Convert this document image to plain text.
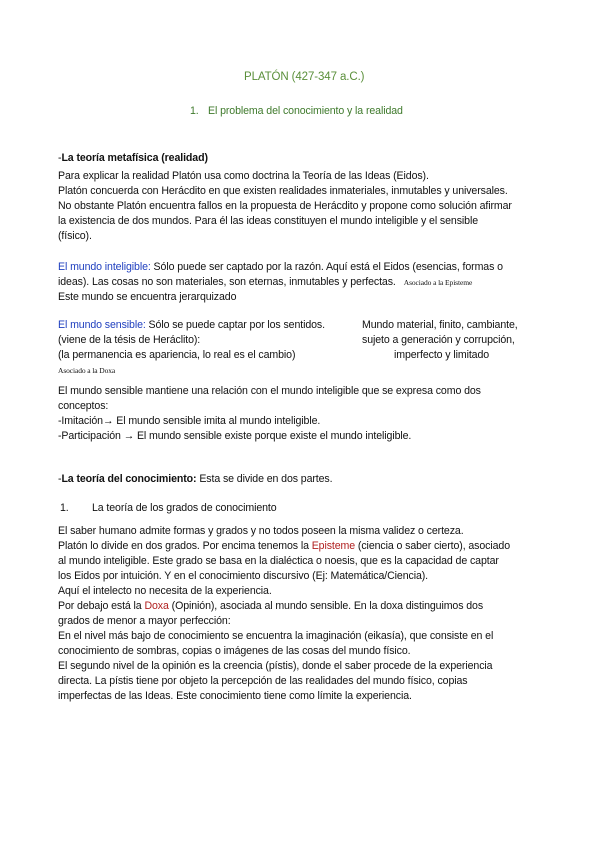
PLATÓN (427-347 a.C.)
1. El problema del conocimiento y la realidad
-La teoría metafísica (realidad)
Para explicar la realidad Platón usa como doctrina la Teoría de las Ideas (Eidos).
Platón concuerda con Herácdito en que existen realidades inmateriales, inmutables y universales.
No obstante Platón encuentra fallos en la propuesta de Herácdito y propone como solución afirmar
la existencia de dos mundos. Para él las ideas constituyen el mundo inteligible y el sensible
(físico).
El mundo inteligible: Sólo puede ser captado por la razón. Aquí está el Eidos (esencias, formas o
ideas). Las cosas no son materiales, son eternas, inmutables y perfectas. Asociado a la Episteme
Este mundo se encuentra jerarquizado
El mundo sensible: Sólo se puede captar por los sentidos.	Mundo material, finito, cambiante,
(viene de la tésis de Heráclito):	sujeto a generación y corrupción,
(la permanencia es apariencia, lo real es el cambio)	imperfecto y limitado
Asociado a la Doxa
El mundo sensible mantiene una relación con el mundo inteligible que se expresa como dos
conceptos:
-Imitación→ El mundo sensible imita al mundo inteligible.
-Participación → El mundo sensible existe porque existe el mundo inteligible.
-La teoría del conocimiento: Esta se divide en dos partes.
1. La teoría de los grados de conocimiento
El saber humano admite formas y grados y no todos poseen la misma validez o certeza.
Platón lo divide en dos grados. Por encima tenemos la Episteme (ciencia o saber cierto), asociado
al mundo inteligible. Este grado se basa en la dialéctica o noesis, que es la capacidad de captar
los Eidos por intuición. Y en el conocimiento discursivo (Ej: Matemática/Ciencia).
Aquí el intelecto no necesita de la experiencia.
Por debajo está la Doxa (Opinión), asociada al mundo sensible. En la doxa distinguimos dos
grados de menor a mayor perfección:
En el nivel más bajo de conocimiento se encuentra la imaginación (eikasía), que consiste en el
conocimiento de sombras, copias o imágenes de las cosas del mundo físico.
El segundo nivel de la opinión es la creencia (pístis), donde el saber procede de la experiencia
directa. La pístis tiene por objeto la percepción de las realidades del mundo físico, copias
imperfectas de las Ideas. Este conocimiento tiene como límite la experiencia.
